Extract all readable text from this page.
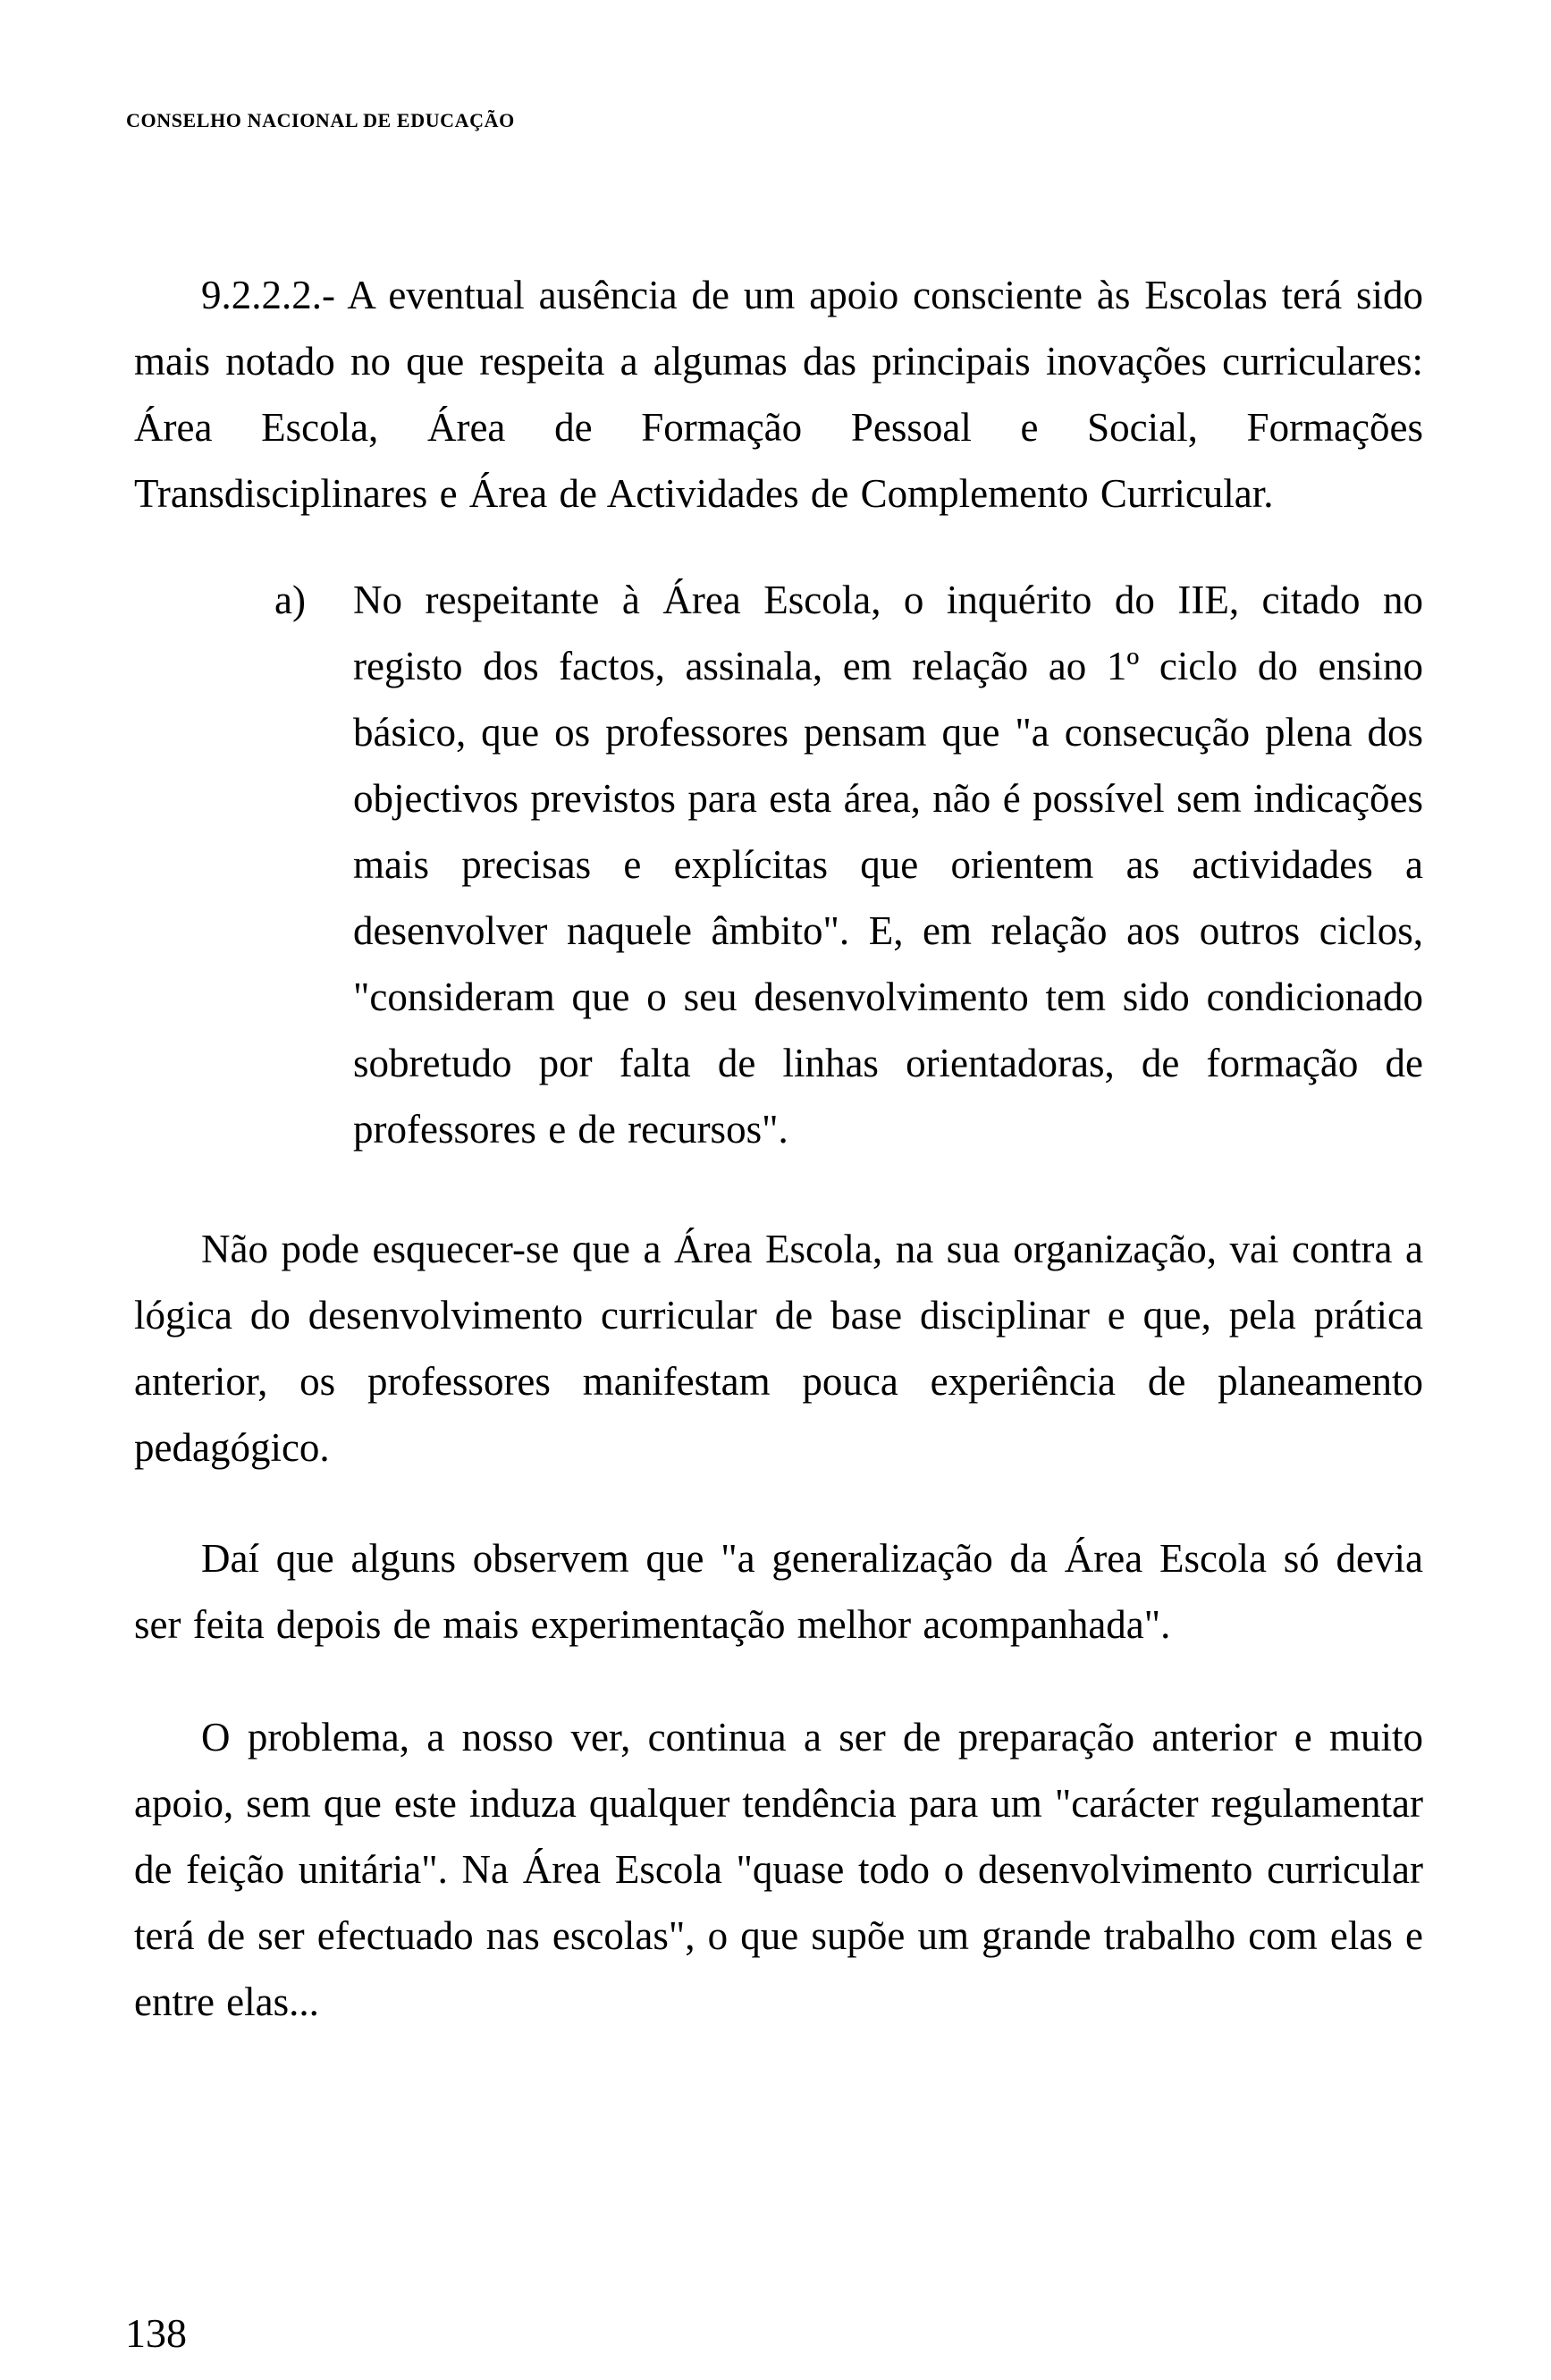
CONSELHO NACIONAL DE EDUCAÇÃO

9.2.2.2.- A eventual ausência de um apoio consciente às Escolas terá sido mais notado no que respeita a algumas das principais inovações curriculares: Área Escola, Área de Formação Pessoal e Social, Formações Transdisciplinares e Área de Actividades de Complemento Curricular.

a) No respeitante à Área Escola, o inquérito do IIE, citado no registo dos factos, assinala, em relação ao 1º ciclo do ensino básico, que os professores pensam que "a consecução plena dos objectivos previstos para esta área, não é possível sem indicações mais precisas e explícitas que orientem as actividades a desenvolver naquele âmbito". E, em relação aos outros ciclos, "consideram que o seu desenvolvimento tem sido condicionado sobretudo por falta de linhas orientadoras, de formação de professores e de recursos".

Não pode esquecer-se que a Área Escola, na sua organização, vai contra a lógica do desenvolvimento curricular de base disciplinar e que, pela prática anterior, os professores manifestam pouca experiência de planeamento pedagógico.

Daí que alguns observem que "a generalização da Área Escola só devia ser feita depois de mais experimentação melhor acompanhada".

O problema, a nosso ver, continua a ser de preparação anterior e muito apoio, sem que este induza qualquer tendência para um "carácter regulamentar de feição unitária". Na Área Escola "quase todo o desenvolvimento curricular terá de ser efectuado nas escolas", o que supõe um grande trabalho com elas e entre elas...

138
